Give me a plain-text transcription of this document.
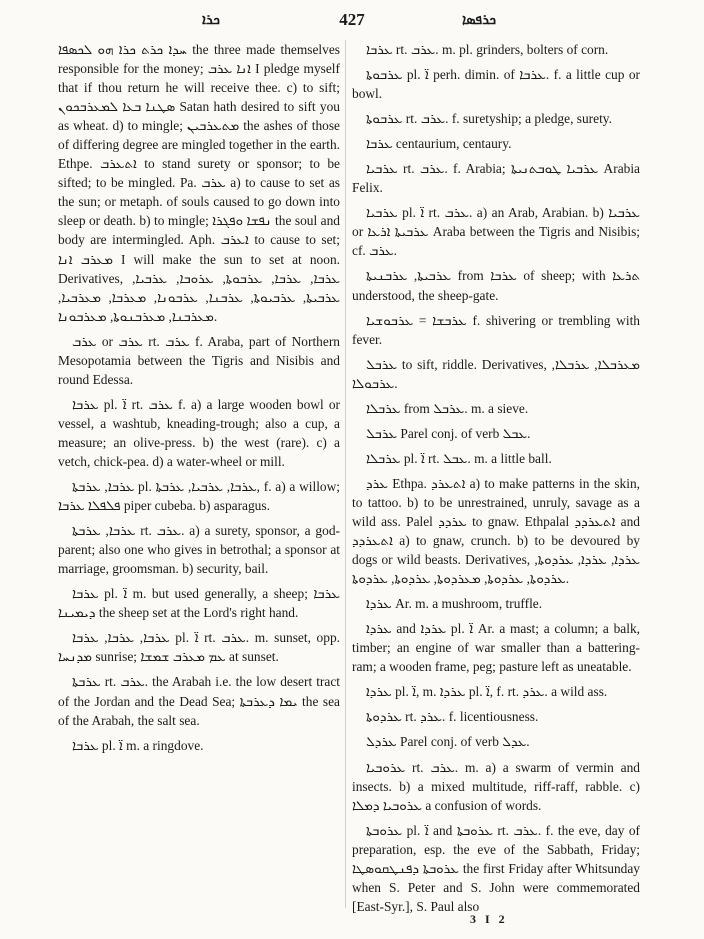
ܟܪܐ	427	ܟܪܦܣܐ

ܚܕܐ ܟܪܬ ܟܪܐ ܗܘ ܠܟܣܦܐ the three made themselves responsible for the money; ܐܢܐ ܥܪܒ I pledge myself that if thou return he will receive thee. c) to sift; ܣܛܢܐ ܒܥܐ ܠܡܥܪܒܟܘܢ Satan hath desired to sift you as wheat. d) to mingle; ܡܬܥܪܒܝܢ the ashes of those of differing degree are mingled together in the earth. Ethpe. ܐܬܥܪܒ to stand surety or sponsor; to be sifted; to be mingled. Pa. ܥܪܒ a) to cause to set as the sun; or metaph. of souls caused to go down into sleep or death. b) to mingle; ܢܦܫܐ ܘܦܓܪܐ the soul and body are intermingled. Aph. ܐܥܪܒ to cause to set; ܡܥܪܒ ܐܢܐ I will make the sun to set at noon. Derivatives, ܥܪܒܐ, ܥܪܒܐ, ܥܪܒܘܬܐ, ܥܪܘܒܐ, ܥܪܒܝܐ, ܥܪܒܝܬܐ, ܥܪܒܝܘܬܐ, ܥܪܒܢܐ, ܥܪܒܘܢܐ, ܡܥܪܒܐ, ܡܥܪܒܝܐ, ܡܥܪܒܢܐ, ܡܥܪܒܢܘܬܐ, ܡܥܪܒܘܢܐ.

ܥܪܒ or ܥܪܒ rt. ܥܪܒ f. Araba, part of Northern Mesopotamia between the Tigris and Nisibis and round Edessa.

ܥܪܒܐ pl. ܐ̈ rt. ܥܪܒ f. a) a large wooden bowl or vessel, a washtub, kneading-trough; also a cup, a measure; an olive-press. b) the west (rare). c) a vetch, chick-pea. d) a water-wheel or mill.

ܥܪܒܐ, ܥܪܒܬܐ pl. ܥܪܒܐ, ܥܪܒܝܐ, ܥܪܒܬܐ, f. a) a willow; ܦܠܦܠܐ ܥܪܒܐ piper cubeba. b) asparagus.

ܥܪܒܐ, ܥܪܒܬܐ rt. ܥܪܒ. a) a surety, sponsor, a god-parent; also one who gives in betrothal; a sponsor at marriage, groomsman. b) security, bail.

ܥܪܒܐ pl. ܐ̈ m. but used generally, a sheep; ܥܪܒܐ ܕܝܡܝܢܐ the sheep set at the Lord's right hand.

ܥܪܒܐ, ܥܪܒܐ, ܥܪܒܐ pl. ܐ̈ rt. ܥܪܒ. m. sunset, opp. ܡܕܢܚܐ sunrise; ܥܡ ܡܥܪܒ ܫܡܫܐ at sunset.

ܥܪܒܬܐ rt. ܥܪܒ. the Arabah i.e. the low desert tract of the Jordan and the Dead Sea; ܝܡܐ ܕܥܪܒܬܐ the sea of the Arabah, the salt sea.

ܥܪܒܐ pl. ܐ̈ m. a ringdove.

ܥܪܒܐ rt. ܥܪܒ. m. pl. grinders, bolters of corn.

ܥܪܒܘܬܐ pl. ܐ̈ perh. dimin. of ܥܪܒܐ. f. a little cup or bowl.

ܥܪܒܘܬܐ rt. ܥܪܒ. f. suretyship; a pledge, surety.

ܥܪܒܐ centaurium, centaury.

ܥܪܒܝܐ rt. ܥܪܒ. f. Arabia; ܥܪܒܝܐ ܛܘܒܬܢܝܬܐ Arabia Felix.

ܥܪܒܝܐ pl. ܐ̈ rt. ܥܪܒ. a) an Arab, Arabian. b) ܥܪܒܝܐ or ܥܪܒܝܬܐ ܐܪܥܐ Araba between the Tigris and Nisibis; cf. ܥܪܒ.

ܥܪܒܝܬܐ, ܥܪܒܢܝܬܐ from ܥܪܒܐ of sheep; with ܬܪܥܐ understood, the sheep-gate.

ܥܪܒܫܐ = ܥܪܒܘܫܝܐ f. shivering or trembling with fever.

ܥܪܒܠ to sift, riddle. Derivatives, ܡܥܪܒܠܐ, ܥܪܒܠܐ, ܥܪܒܘܠܐ.

ܥܪܒܠܐ from ܥܪܒܠ. m. a sieve.

ܥܪܒܠ Parel conj. of verb ܥܒܠ.

ܥܪܒܠܐ pl. ܐ̈ rt. ܥܒܠ. m. a little ball.

ܥܪܕ Ethpa. ܐܬܥܪܕ a) to make patterns in the skin, to tattoo. b) to be unrestrained, unruly, savage as a wild ass. Palel ܥܪܕܕ to gnaw. Ethpalal ܐܬܥܪܕܕ and ܐܬܥܪܕܕ a) to gnaw, crunch. b) to be devoured by dogs or wild beasts. Derivatives, ܥܪܕܐ, ܥܪܕܐ, ܥܪܕܘܬܐ, ܥܪܕܘܬܐ, ܥܪܕܘܬܐ, ܡܥܪܕܘܬܐ, ܥܪܕܘܬܐ, ܥܪܕܘܬܐ.

ܥܪܕܐ Ar. m. a mushroom, truffle.

ܥܪܕܐ and ܥܪܕܐ pl. ܐ̈ Ar. a mast; a column; a balk, timber; an engine of war smaller than a battering-ram; a wooden frame, peg; pasture left as uneatable.

ܥܪܕܐ pl. ܐ̈, m. ܥܪܕܐ pl. ܐ̈, f. rt. ܥܪܕ. a wild ass.

ܥܪܕܘܬܐ rt. ܥܪܕ. f. licentiousness.

ܥܪܕܠ Parel conj. of verb ܥܕܠ.

ܥܪܘܒܝܐ rt. ܥܪܒ. m. a) a swarm of vermin and insects. b) a mixed multitude, riff-raff, rabble. c) ܥܪܘܒܝܐ ܕܡܠܐ a confusion of words.

ܥܪܘܒܬܐ pl. ܐ̈ and ܥܪܘܒܬܐ rt. ܥܪܒ. f. the eve, day of preparation, esp. the eve of the Sabbath, Friday; ܥܪܘܒܬܐ ܕܦܢܛܩܘܣܛܐ the first Friday after Whitsunday when S. Peter and S. John were commemorated [East-Syr.], S. Paul also

3 I 2
